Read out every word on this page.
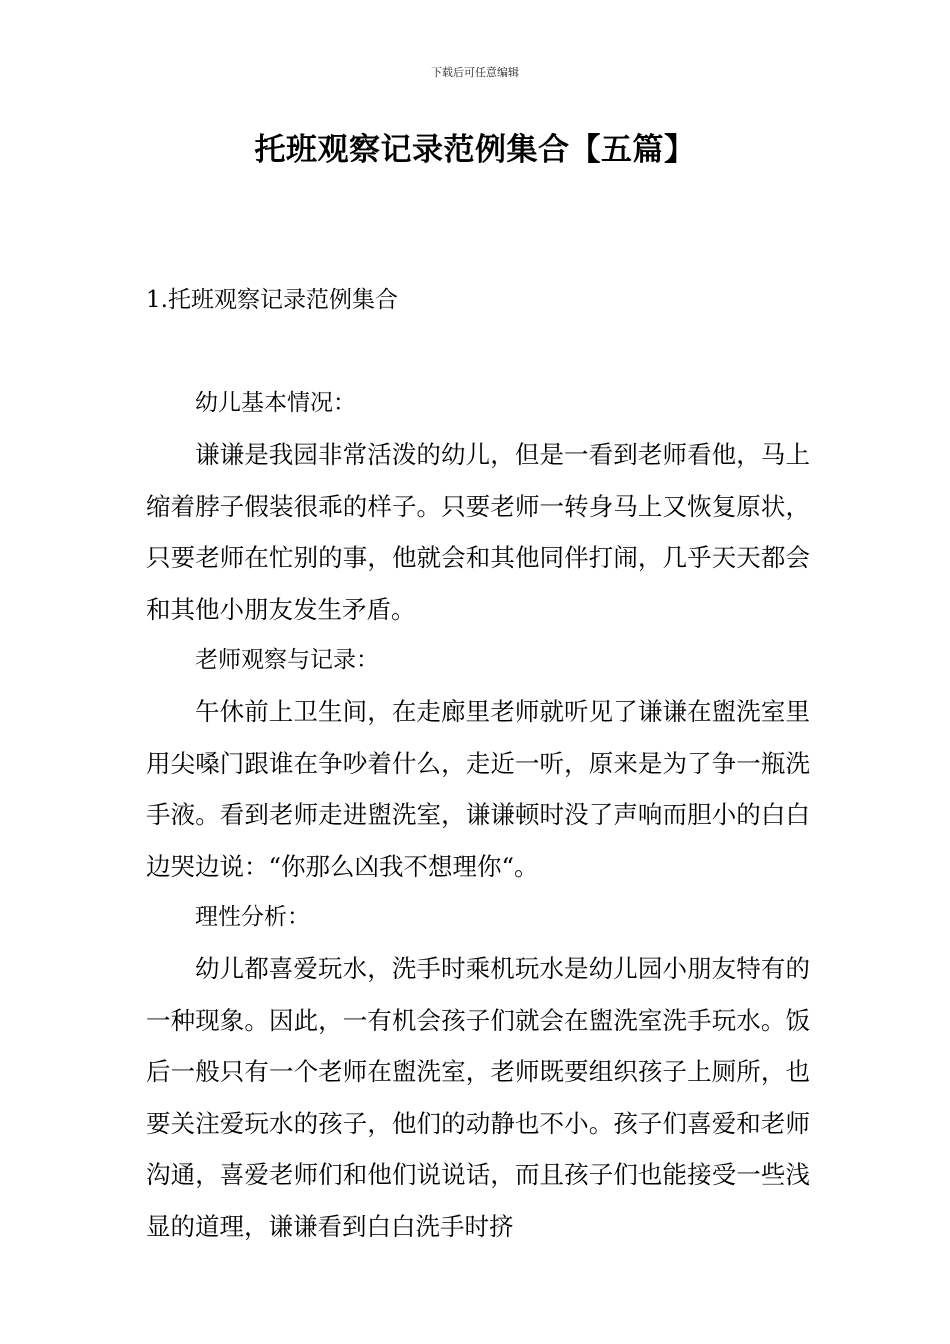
下载后可任意编辑
托班观察记录范例集合【五篇】
1.托班观察记录范例集合

幼儿基本情况：

谦谦是我园非常活泼的幼儿，但是一看到老师看他，马上缩着脖子假装很乖的样子。只要老师一转身马上又恢复原状，只要老师在忙别的事，他就会和其他同伴打闹，几乎天天都会和其他小朋友发生矛盾。

老师观察与记录：

午休前上卫生间，在走廊里老师就听见了谦谦在盥洗室里用尖嗓门跟谁在争吵着什么，走近一听，原来是为了争一瓶洗手液。看到老师走进盥洗室，谦谦顿时没了声响而胆小的白白边哭边说：“你那么凶我不想理你“。

理性分析：

幼儿都喜爱玩水，洗手时乘机玩水是幼儿园小朋友特有的一种现象。因此，一有机会孩子们就会在盥洗室洗手玩水。饭后一般只有一个老师在盥洗室，老师既要组织孩子上厕所，也要关注爱玩水的孩子，他们的动静也不小。孩子们喜爱和老师沟通，喜爱老师们和他们说说话，而且孩子们也能接受一些浅显的道理，谦谦看到白白洗手时挤
